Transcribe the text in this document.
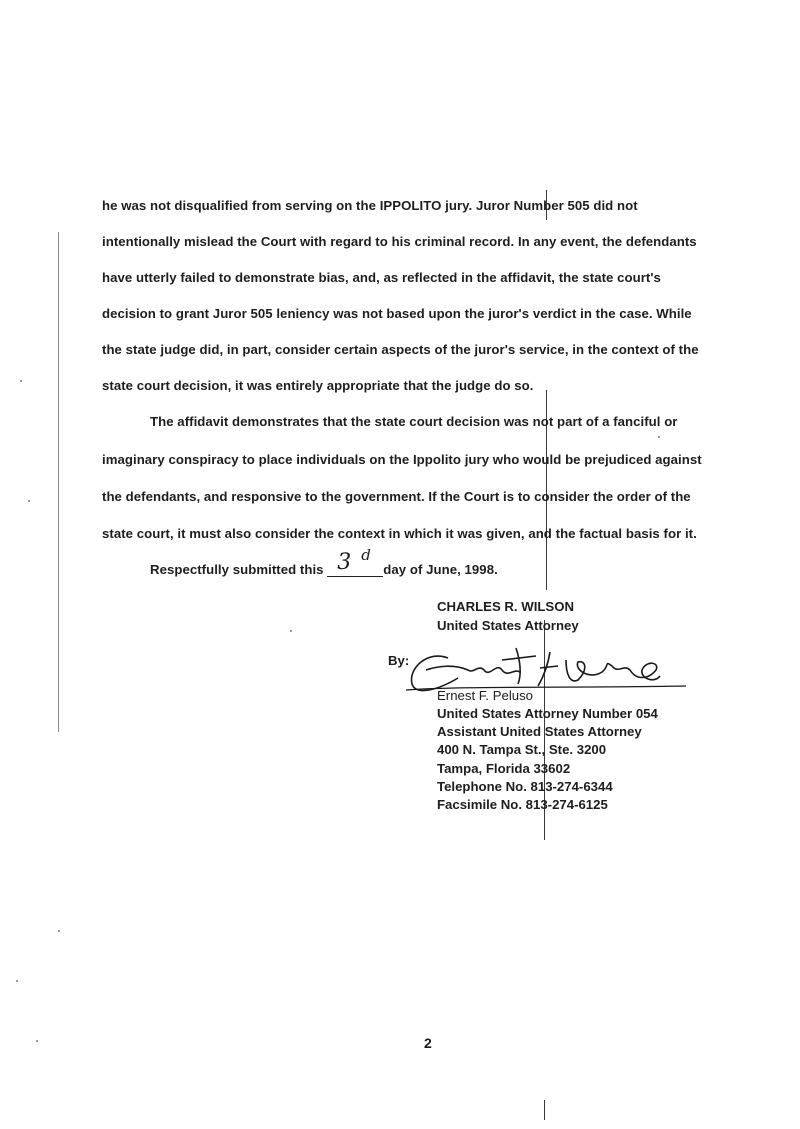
he was not disqualified from serving on the IPPOLITO jury. Juror Number 505 did not
intentionally mislead the Court with regard to his criminal record. In any event, the defendants
have utterly failed to demonstrate bias, and, as reflected in the affidavit, the state court's
decision to grant Juror 505 leniency was not based upon the juror's verdict in the case. While
the state judge did, in part, consider certain aspects of the juror's service, in the context of the
state court decision, it was entirely appropriate that the judge do so.
The affidavit demonstrates that the state court decision was not part of a fanciful or
imaginary conspiracy to place individuals on the Ippolito jury who would be prejudiced against
the defendants, and responsive to the government. If the Court is to consider the order of the
state court, it must also consider the context in which it was given, and the factual basis for it.
Respectfully submitted this 3 d
day of June, 1998.
CHARLES R. WILSON
United States Attorney
By:
Ernest F. Peluso
United States Attorney Number 054
Assistant United States Attorney
400 N. Tampa St., Ste. 3200
Tampa, Florida 33602
Telephone No. 813-274-6344
Facsimile No. 813-274-6125
2
